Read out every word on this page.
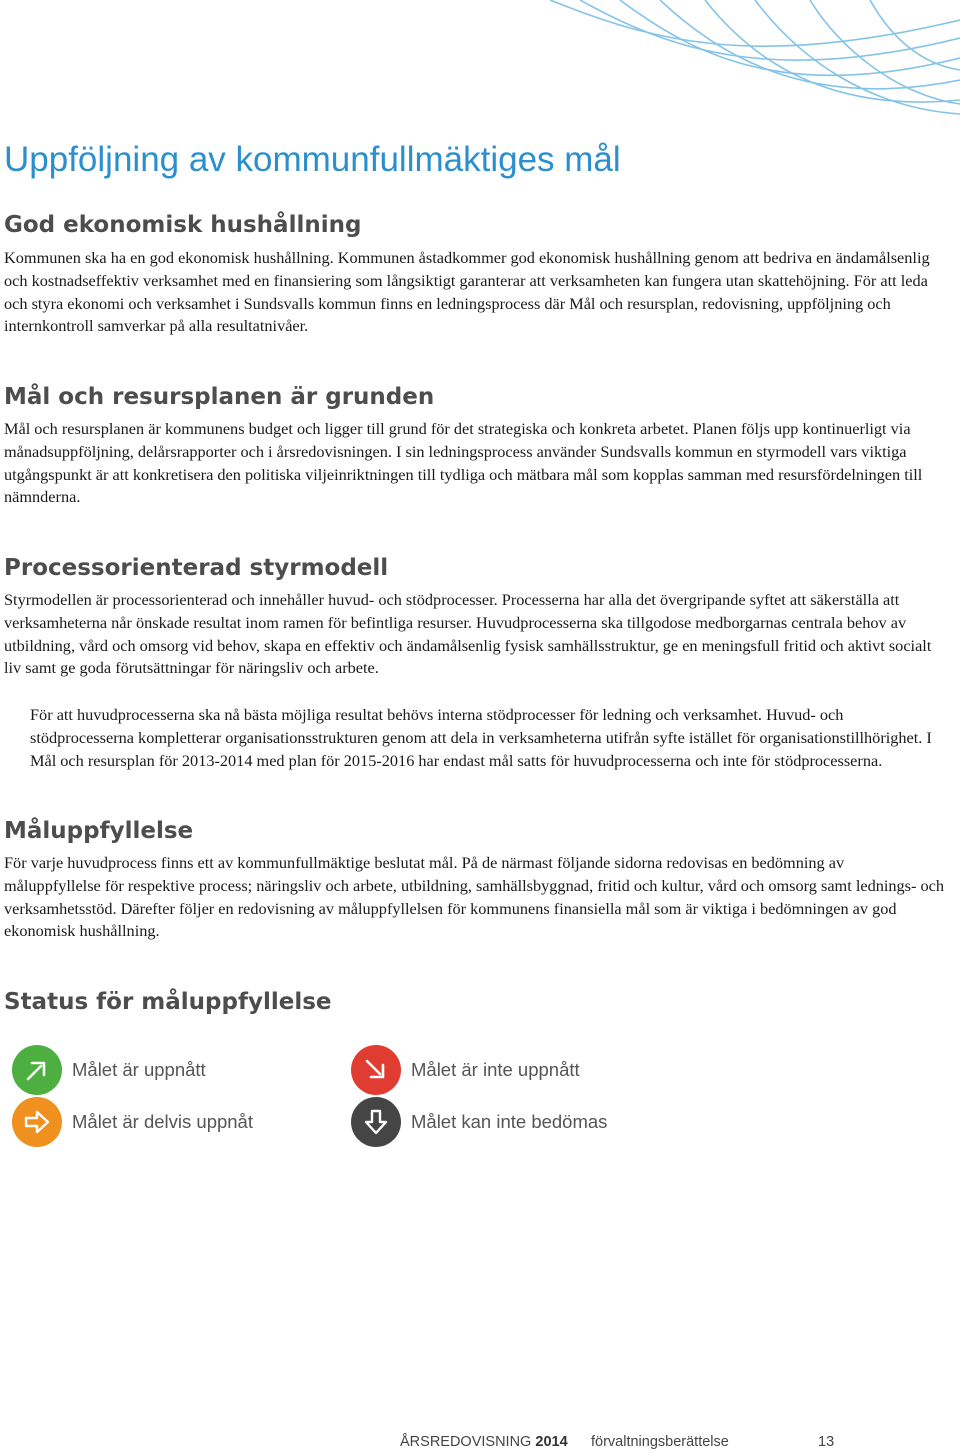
Uppföljning av kommunfullmäktiges mål
God ekonomisk hushållning

Kommunen ska ha en god ekonomisk hushållning. Kommunen åstadkommer god ekonomisk hushållning genom att bedriva en ändamålsenlig och kostnadseffektiv verksamhet med en finansiering som långsiktigt garanterar att verksamheten kan fungera utan skattehöjning. För att leda och styra ekonomi och verksamhet i Sundsvalls kommun finns en ledningsprocess där Mål och resursplan, redovisning, uppföljning och internkontroll samverkar på alla resultatnivåer.

Mål och resursplanen är grunden

Mål och resursplanen är kommunens budget och ligger till grund för det strategiska och konkreta arbetet. Planen följs upp kontinuerligt via månadsuppföljning, delårsrapporter och i årsredovisningen. I sin ledningsprocess använder Sundsvalls kommun en styrmodell vars viktiga utgångspunkt är att konkretisera den politiska viljeinriktningen till tydliga och mätbara mål som kopplas samman med resursfördelningen till nämnderna.

Processorienterad styrmodell

Styrmodellen är processorienterad och innehåller huvud- och stödprocesser. Processerna har alla det övergripande syftet att säkerställa att verksamheterna når önskade resultat inom ramen för befintliga resurser. Huvudprocesserna ska tillgodose medborgarnas centrala behov av utbildning, vård och omsorg vid behov, skapa en effektiv och ändamålsenlig fysisk samhällsstruktur, ge en meningsfull fritid och aktivt socialt liv samt ge goda förutsättningar för näringsliv och arbete.

För att huvudprocesserna ska nå bästa möjliga resultat behövs interna stödprocesser för ledning och verksamhet. Huvud- och stödprocesserna kompletterar organisationsstrukturen genom att dela in verksamheterna utifrån syfte istället för organisationstillhörighet. I Mål och resursplan för 2013-2014 med plan för 2015-2016 har endast mål satts för huvudprocesserna och inte för stödprocesserna.

Måluppfyllelse

För varje huvudprocess finns ett av kommunfullmäktige beslutat mål. På de närmast följande sidorna redovisas en bedömning av måluppfyllelse för respektive process; näringsliv och arbete, utbildning, samhällsbyggnad, fritid och kultur, vård och omsorg samt lednings- och verksamhetsstöd. Därefter följer en redovisning av måluppfyllelsen för kommunens finansiella mål som är viktiga i bedömningen av god ekonomisk hushållning.

Status för måluppfyllelse
Målet är uppnått	Målet är inte uppnått
Målet är delvis uppnåt	Målet kan inte bedömas
ÅRSREDOVISNING 2014 förvaltningsberättelse	13
